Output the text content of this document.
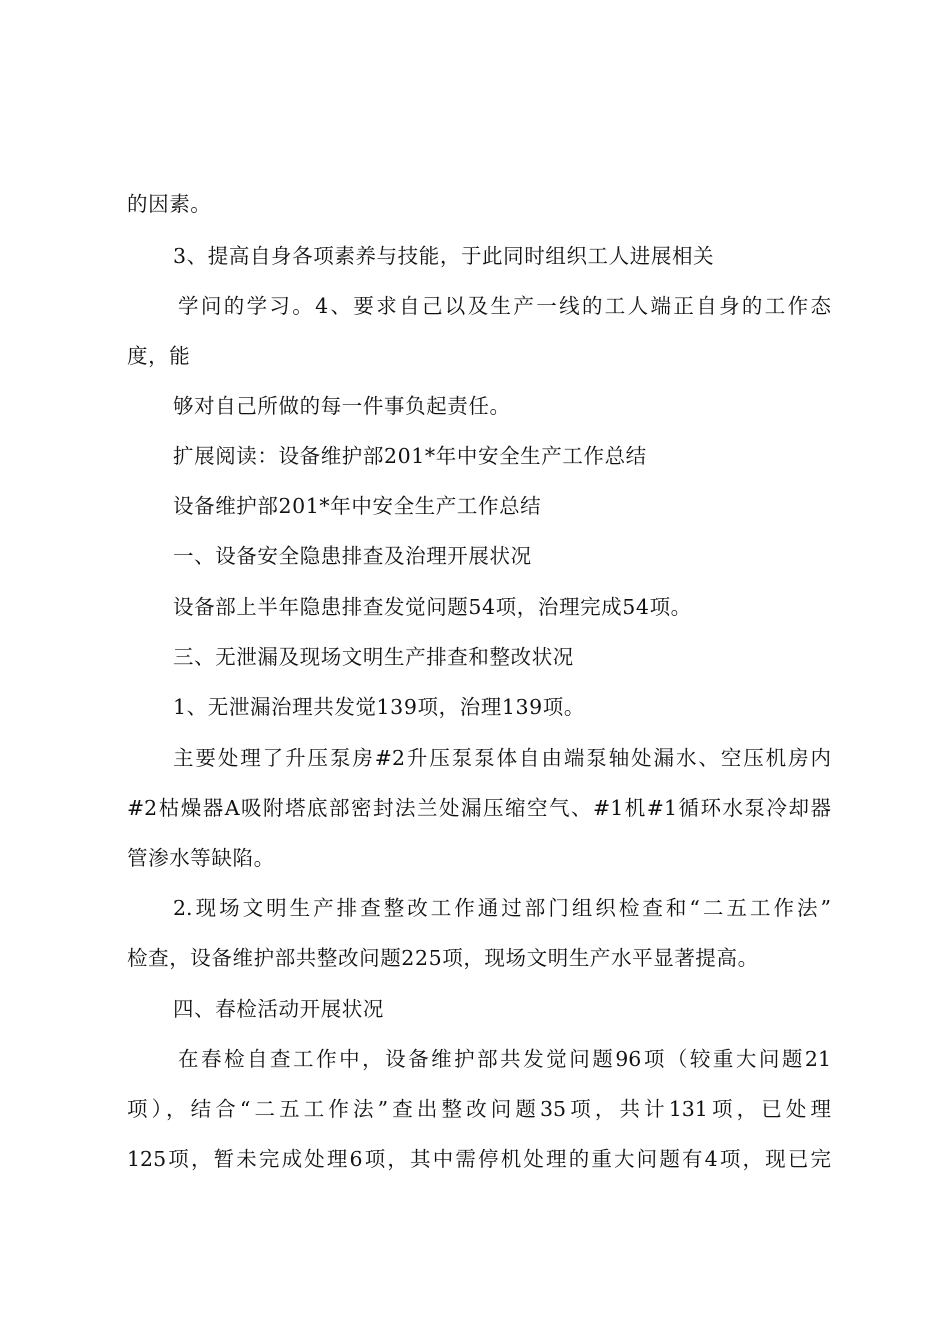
的因素。
3、提高自身各项素养与技能，于此同时组织工人进展相关
学问的学习。4、要求自己以及生产一线的工人端正自身的工作态
度，能
够对自己所做的每一件事负起责任。
扩展阅读：设备维护部201*年中安全生产工作总结
设备维护部201*年中安全生产工作总结
一、设备安全隐患排查及治理开展状况
设备部上半年隐患排查发觉问题54项，治理完成54项。
三、无泄漏及现场文明生产排查和整改状况
1、无泄漏治理共发觉139项，治理139项。
主要处理了升压泵房#2升压泵泵体自由端泵轴处漏水、空压机房内
#2枯燥器A吸附塔底部密封法兰处漏压缩空气、#1机#1循环水泵冷却器
管渗水等缺陷。
2.现场文明生产排查整改工作通过部门组织检查和“二五工作法”
检查，设备维护部共整改问题225项，现场文明生产水平显著提高。
四、春检活动开展状况
在春检自查工作中，设备维护部共发觉问题96项（较重大问题21
项），结合“二五工作法”查出整改问题35项，共计131项，已处理
125项，暂未完成处理6项，其中需停机处理的重大问题有4项，现已完
